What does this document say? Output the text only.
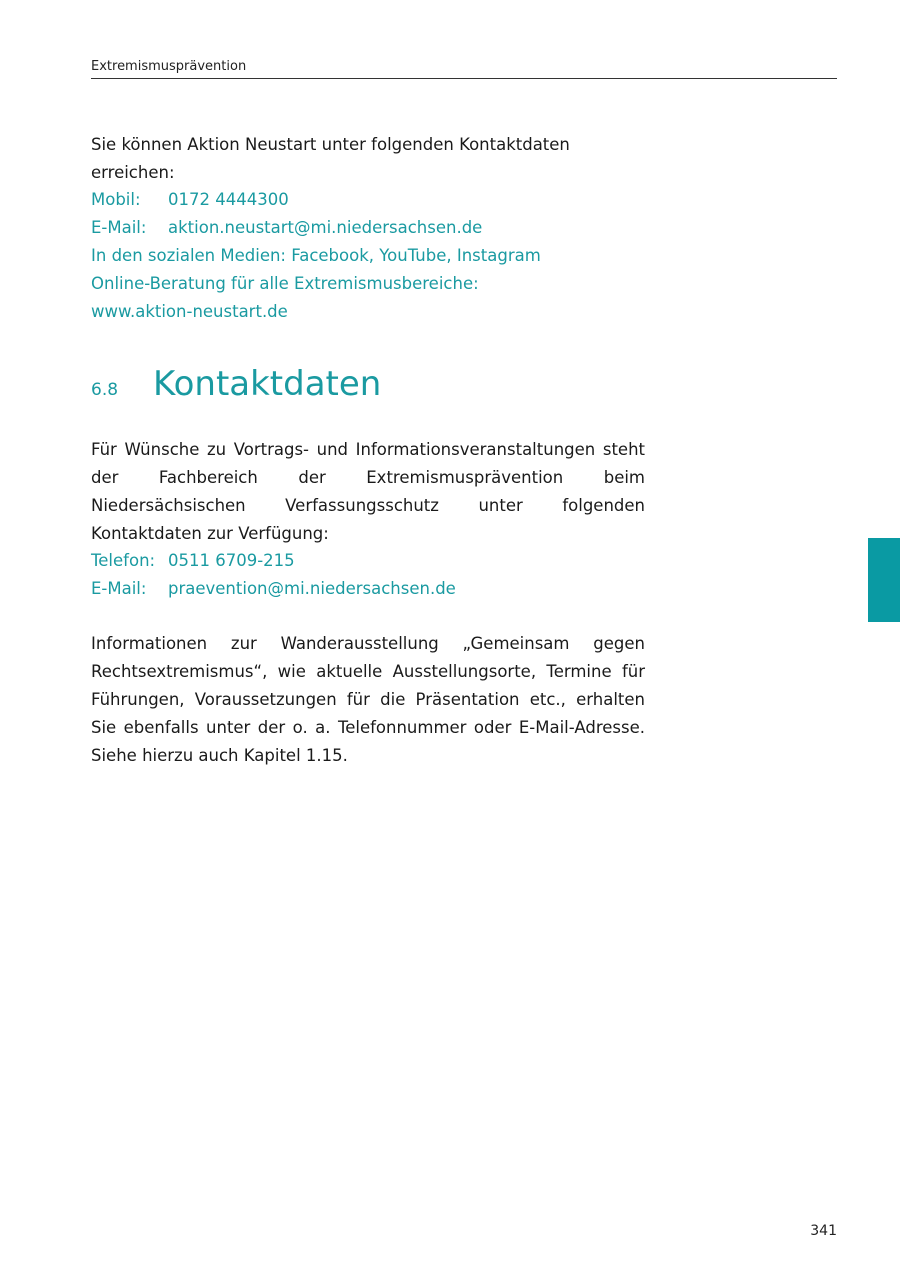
Extremismusprävention
Sie können Aktion Neustart unter folgenden Kontaktdaten erreichen:
Mobil:	0172 4444300
E-Mail:	aktion.neustart@mi.niedersachsen.de
In den sozialen Medien: Facebook, YouTube, Instagram
Online-Beratung für alle Extremismusbereiche:
www.aktion-neustart.de
6.8	Kontaktdaten
Für Wünsche zu Vortrags- und Informationsveranstaltungen steht der Fachbereich der Extremismusprävention beim Niedersächsischen Verfassungsschutz unter folgenden Kontaktdaten zur Verfügung:
Telefon: 0511 6709-215
E-Mail:	praevention@mi.niedersachsen.de
Informationen zur Wanderausstellung „Gemeinsam gegen Rechtsextremismus“, wie aktuelle Ausstellungsorte, Termine für Führungen, Voraussetzungen für die Präsentation etc., erhalten Sie ebenfalls unter der o. a. Telefonnummer oder E-Mail-Adresse. Siehe hierzu auch Kapitel 1.15.
341
